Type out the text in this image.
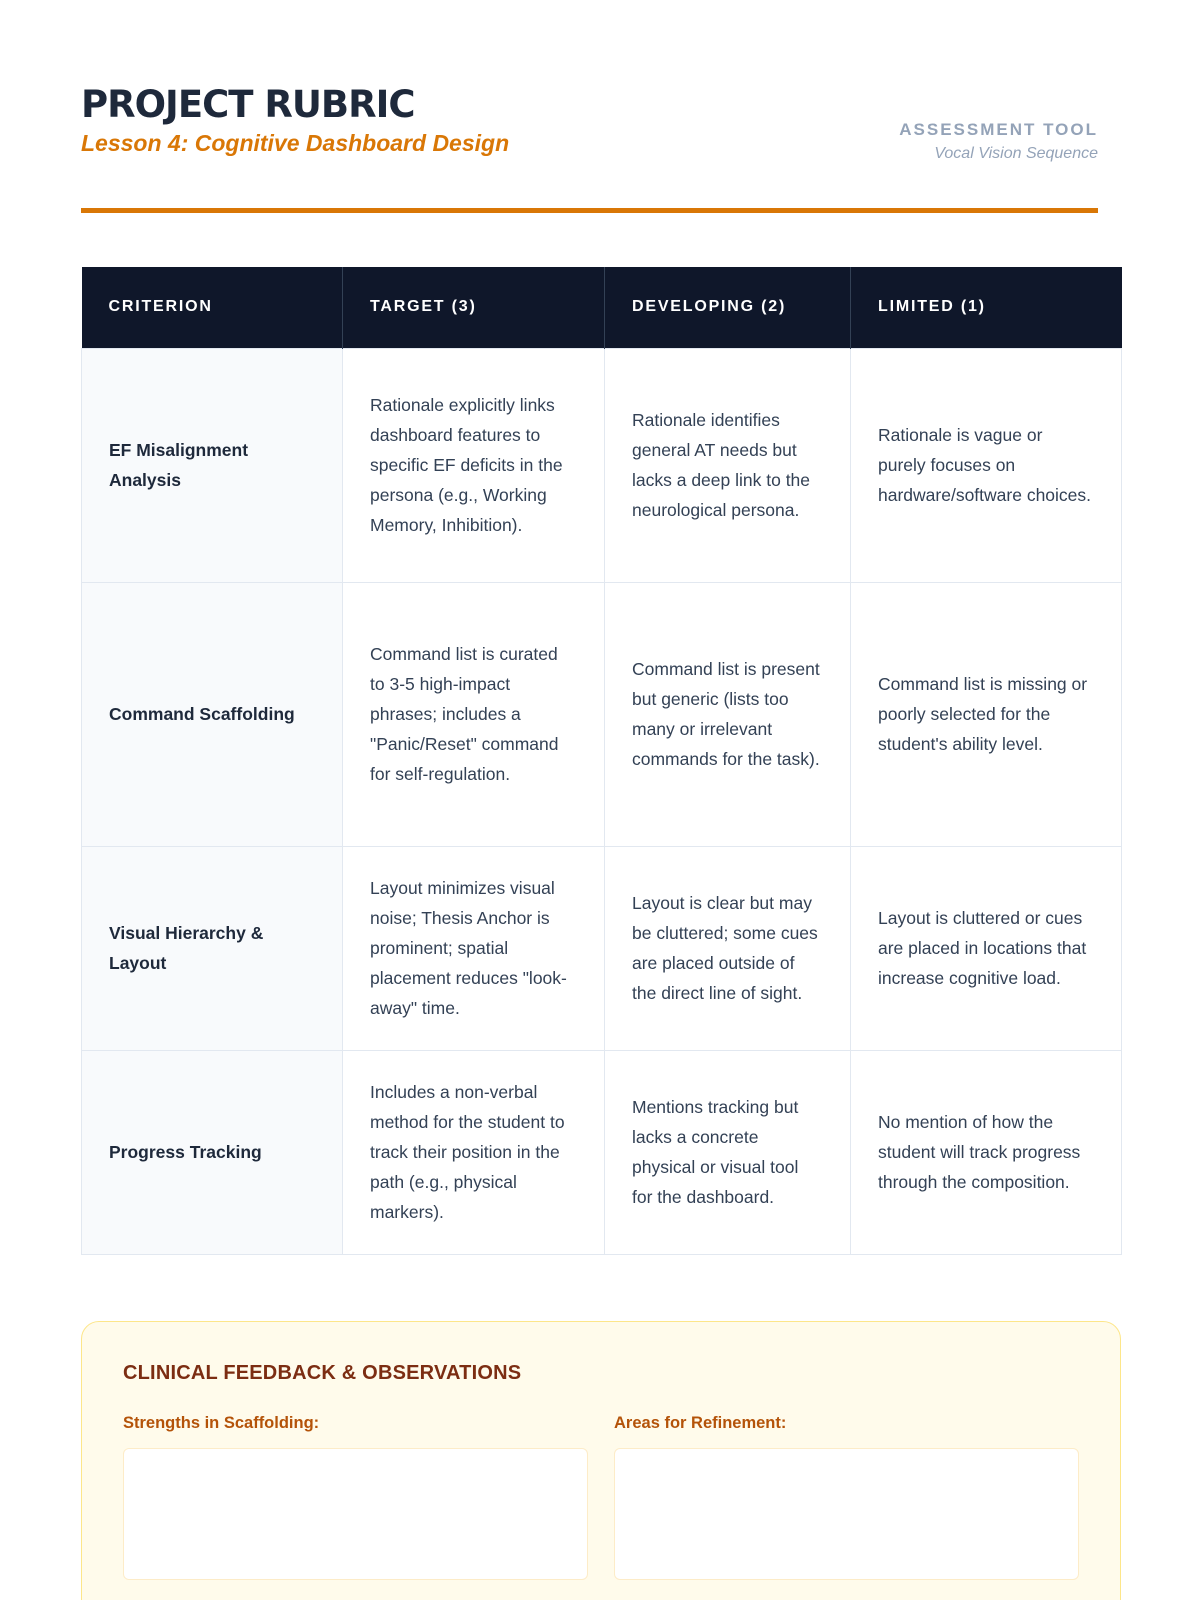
PROJECT RUBRIC
Lesson 4: Cognitive Dashboard Design
ASSESSMENT TOOL
Vocal Vision Sequence
CRITERION	TARGET (3)	DEVELOPING (2)	LIMITED (1)
EF Misalignment Analysis	Rationale explicitly links dashboard features to specific EF deficits in the persona (e.g., Working Memory, Inhibition).	Rationale identifies general AT needs but lacks a deep link to the neurological persona.	Rationale is vague or purely focuses on hardware/software choices.
Command Scaffolding	Command list is curated to 3-5 high-impact phrases; includes a "Panic/Reset" command for self-regulation.	Command list is present but generic (lists too many or irrelevant commands for the task).	Command list is missing or poorly selected for the student's ability level.
Visual Hierarchy & Layout	Layout minimizes visual noise; Thesis Anchor is prominent; spatial placement reduces "look-away" time.	Layout is clear but may be cluttered; some cues are placed outside of the direct line of sight.	Layout is cluttered or cues are placed in locations that increase cognitive load.
Progress Tracking	Includes a non-verbal method for the student to track their position in the path (e.g., physical markers).	Mentions tracking but lacks a concrete physical or visual tool for the dashboard.	No mention of how the student will track progress through the composition.
CLINICAL FEEDBACK & OBSERVATIONS
Strengths in Scaffolding:	Areas for Refinement:
